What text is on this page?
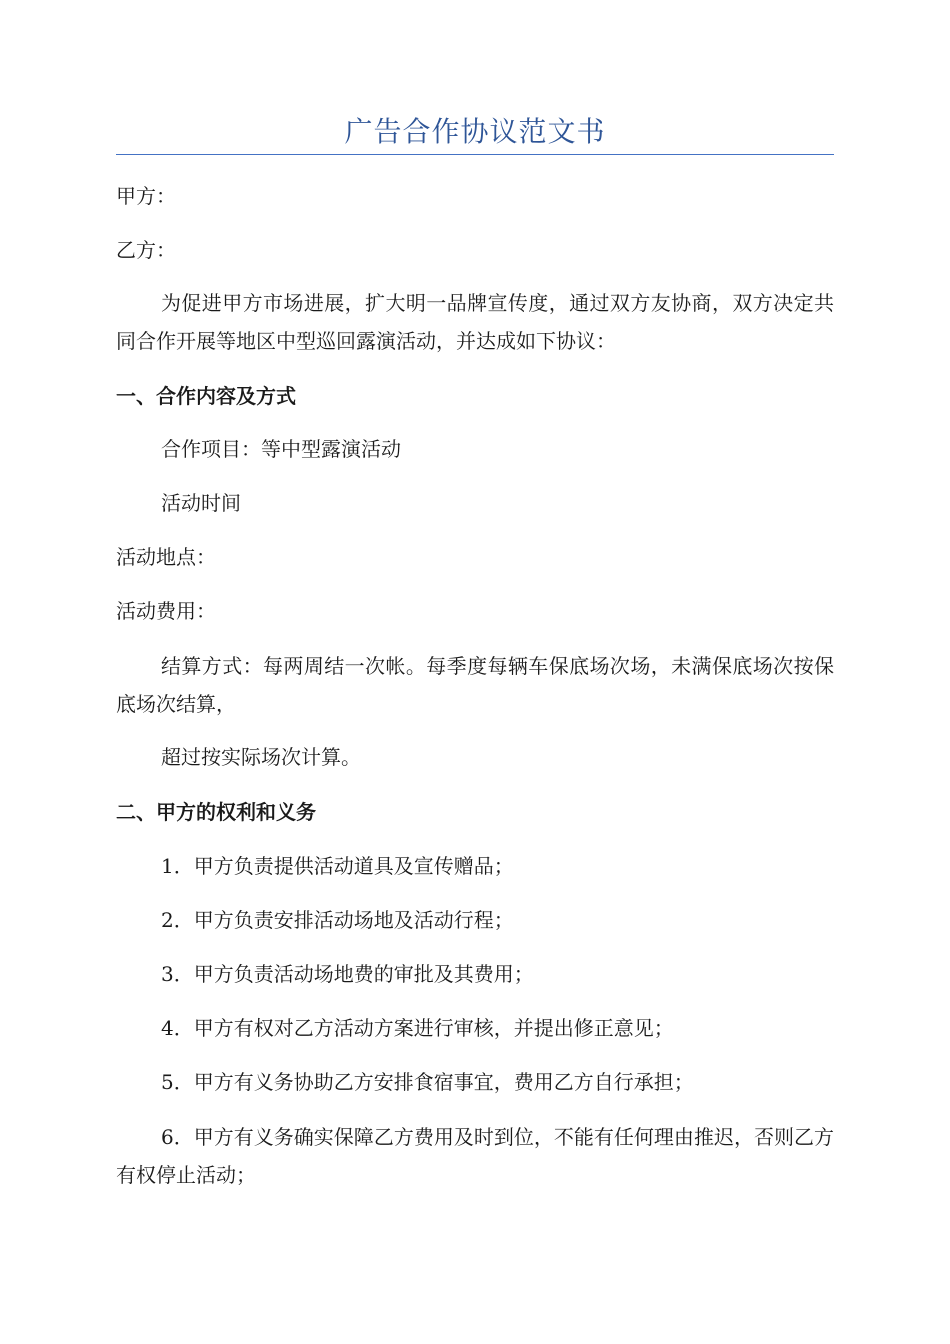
广告合作协议范文书

甲方：

乙方：

为促进甲方市场进展，扩大明一品牌宣传度，通过双方友协商，双方决定共同合作开展等地区中型巡回露演活动，并达成如下协议：

一、合作内容及方式

合作项目：等中型露演活动

活动时间

活动地点：

活动费用：

结算方式：每两周结一次帐。每季度每辆车保底场次场，未满保底场次按保底场次结算，

超过按实际场次计算。

二、甲方的权利和义务

1．甲方负责提供活动道具及宣传赠品；

2．甲方负责安排活动场地及活动行程；

3．甲方负责活动场地费的审批及其费用；

4．甲方有权对乙方活动方案进行审核，并提出修正意见；

5．甲方有义务协助乙方安排食宿事宜，费用乙方自行承担；

6．甲方有义务确实保障乙方费用及时到位，不能有任何理由推迟，否则乙方有权停止活动；
